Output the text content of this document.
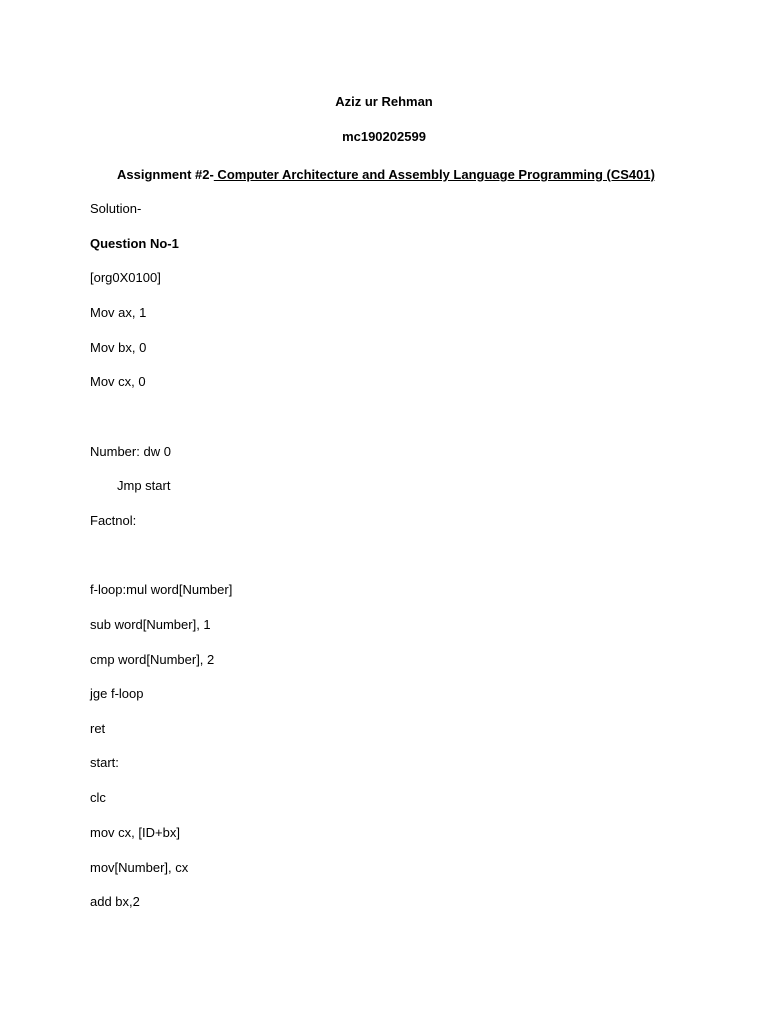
Aziz ur Rehman
mc190202599
Assignment #2- Computer Architecture and Assembly Language Programming (CS401)
Solution-
Question No-1
[org0X0100]
Mov ax, 1
Mov bx, 0
Mov cx, 0
Number: dw 0
Jmp start
Factnol:
f-loop:mul word[Number]
sub word[Number], 1
cmp word[Number], 2
jge f-loop
ret
start:
clc
mov cx, [ID+bx]
mov[Number], cx
add bx,2
